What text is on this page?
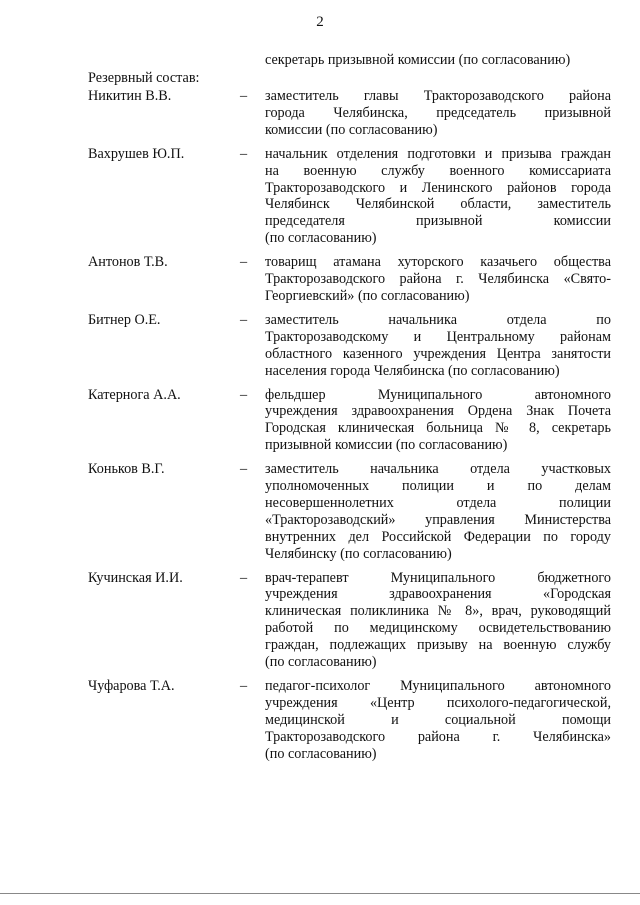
2
секретарь призывной комиссии (по согласованию)
Резервный состав:
Никитин В.В.	– заместитель главы Тракторозаводского района
города Челябинска, председатель призывной
комиссии (по согласованию)
Вахрушев Ю.П.	– начальник отделения подготовки и призыва граждан
на военную службу военного комиссариата
Тракторозаводского и Ленинского районов города
Челябинск Челябинской области, заместитель
председателя призывной комиссии
(по согласованию)
Антонов Т.В.	– товарищ атамана хуторского казачьего общества
Тракторозаводского района г. Челябинска «Свято-
Георгиевский» (по согласованию)
Битнер О.Е.	– заместитель начальника отдела по
Тракторозаводскому и Центральному районам
областного казенного учреждения Центра занятости
населения города Челябинска (по согласованию)
Катернога А.А.	– фельдшер Муниципального автономного
учреждения здравоохранения Ордена Знак Почета
Городская клиническая больница № 8, секретарь
призывной комиссии (по согласованию)
Коньков В.Г.	– заместитель начальника отдела участковых
уполномоченных полиции и по делам
несовершеннолетних отдела полиции
«Тракторозаводский» управления Министерства
внутренних дел Российской Федерации по городу
Челябинску (по согласованию)
Кучинская И.И.	– врач-терапевт Муниципального бюджетного
учреждения здравоохранения «Городская
клиническая поликлиника № 8», врач, руководящий
работой по медицинскому освидетельствованию
граждан, подлежащих призыву на военную службу
(по согласованию)
Чуфарова Т.А.	– педагог-психолог Муниципального автономного
учреждения «Центр психолого-педагогической,
медицинской и социальной помощи
Тракторозаводского района г. Челябинска»
(по согласованию)
